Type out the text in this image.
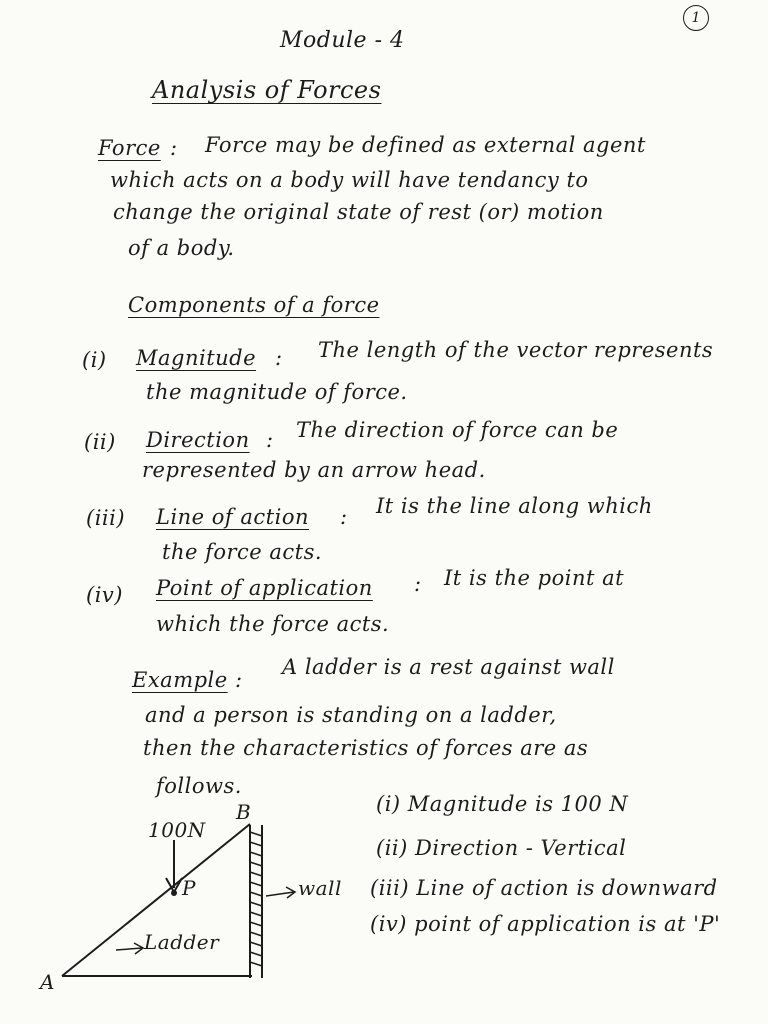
1
Module - 4
Analysis of Forces
Force : Force may be defined as external agent
which acts on a body will have tendancy to
change the original state of rest (or) motion
of a body.
Components of a force
(i) Magnitude : The length of the vector represents
the magnitude of force.
(ii) Direction : The direction of force can be
represented by an arrow head.
(iii) Line of action : It is the line along which
the force acts.
(iv) Point of application : It is the point at
which the force acts.
Example :
A ladder is a rest against wall
and a person is standing on a ladder,
then the characteristics of forces are as
follows.
B
100N
P	wall
Ladder
A
(i) Magnitude is 100 N
(ii) Direction - Vertical
(iii) Line of action is downward
(iv) point of application is at 'P'
